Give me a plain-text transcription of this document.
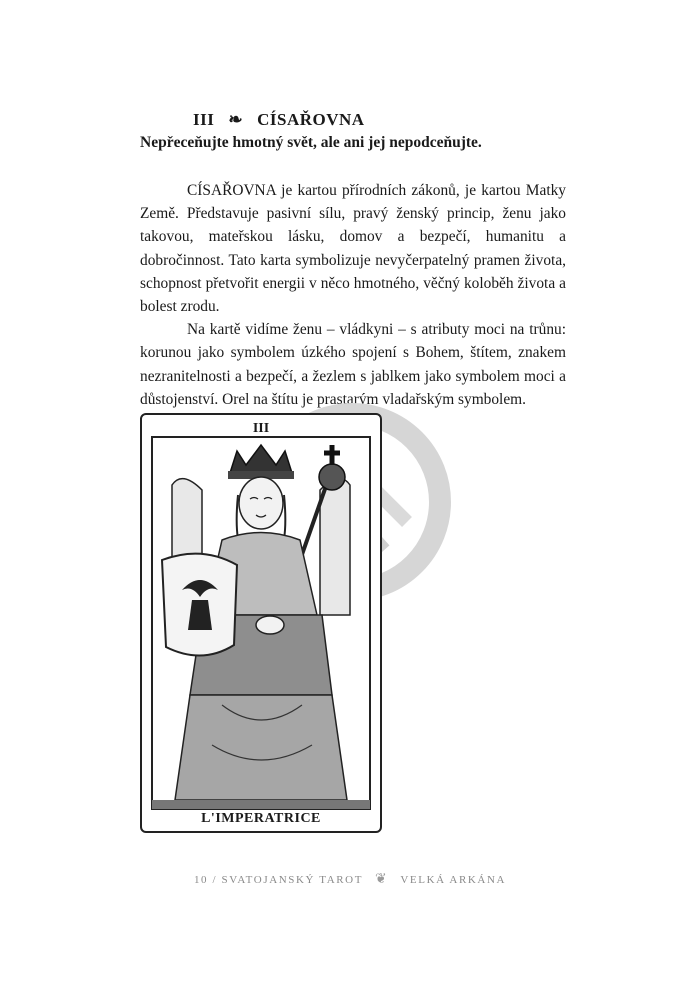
III ❧ CÍSAŘOVNA
Nepřeceňujte hmotný svět, ale ani jej nepodceňujte.

CÍSAŘOVNA je kartou přírodních zákonů, je kartou Matky Země. Představuje pasivní sílu, pravý ženský princip, ženu jako takovou, mateřskou lásku, domov a bezpečí, humanitu a dobročinnost. Tato karta symbolizuje nevyčerpatelný pramen života, schopnost přetvořit energii v něco hmotného, věčný koloběh života a bolest zrodu.

Na kartě vidíme ženu – vládkyni – s atributy moci na trůnu: korunou jako symbolem úzkého spojení s Bohem, štítem, znakem nezranitelnosti a bezpečí, a žezlem s jablkem jako symbolem moci a důstojenství. Orel na štítu je prastarým vladařským symbolem.

III
L'IMPERATRICE
10 / SVATOJANSKÝ TAROT ❦ VELKÁ ARKÁNA
